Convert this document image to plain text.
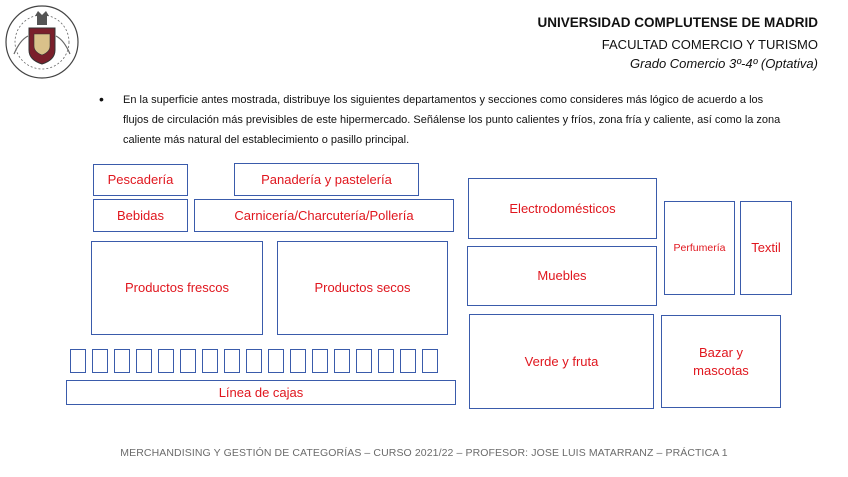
UNIVERSIDAD COMPLUTENSE DE MADRID
FACULTAD COMERCIO Y TURISMO
Grado Comercio 3º-4º (Optativa)
• En la superficie antes mostrada, distribuye los siguientes departamentos y secciones como consideres más lógico de acuerdo a los flujos de circulación más previsibles de este hipermercado. Señálense los punto calientes y fríos, zona fría y caliente, así como la zona caliente más natural del establecimiento o pasillo principal.
Pescadería	Panadería y pastelería
Bebidas	Carnicería/Charcutería/Pollería
Productos frescos	Productos secos
Línea de cajas
Electrodomésticos
Perfumería Textil
Muebles
Verde y fruta
Bazar y mascotas
MERCHANDISING Y GESTIÓN DE CATEGORÍAS – CURSO 2021/22 – PROFESOR: JOSE LUIS MATARRANZ – PRÁCTICA 1
